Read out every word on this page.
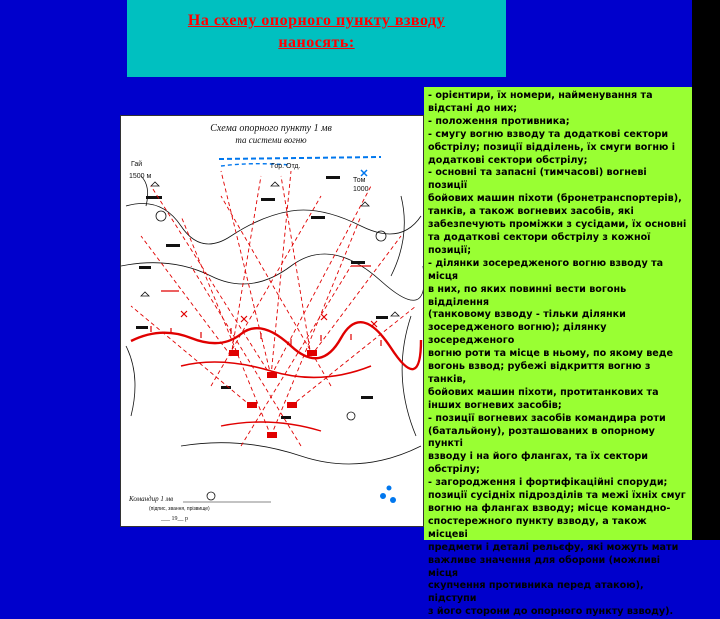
На схему опорного пункту взводу
наносять:
Схема опорного пункту 1 мв
та системи вогню
Гай
1500 м
Гор. Отд.
Том
1000
Командир 1 мв
(підпис, звання, прізвище)
___ 19__ р
- орієнтири, їх номери, найменування та
відстані до них;
- положення противника;
- смугу вогню взводу та додаткові сектори
обстрілу; позиції відділень, їх смуги вогню і
додаткові сектори обстрілу;
- основні та запасні (тимчасові) вогневі позиції
бойових машин піхоти (бронетранспортерів),
танків, а також вогневих засобів, які
забезпечують проміжки з сусідами, їх основні
та додаткові сектори обстрілу з кожної позиції;
- ділянки зосередженого вогню взводу та місця
в них, по яких повинні вести вогонь відділення
(танковому взводу - тільки ділянки
зосередженого вогню); ділянку зосередженого
вогню роти та місце в ньому, по якому веде
вогонь взвод; рубежі відкриття вогню з танків,
бойових машин піхоти, протитанкових та
інших вогневих засобів;
- позиції вогневих засобів командира роти
(батальйону), розташованих в опорному пункті
взводу і на його флангах, та їх сектори
обстрілу;
- загородження і фортифікаційні споруди;
позиції сусідніх підрозділів та межі їхніх смуг
вогню на флангах взводу; місце командно-
спостережного пункту взводу, а також місцеві
предмети і деталі рельєфу, які можуть мати
важливе значення для оборони (можливі місця
скупчення противника перед атакою), підступи
з його сторони до опорного пункту взводу).
